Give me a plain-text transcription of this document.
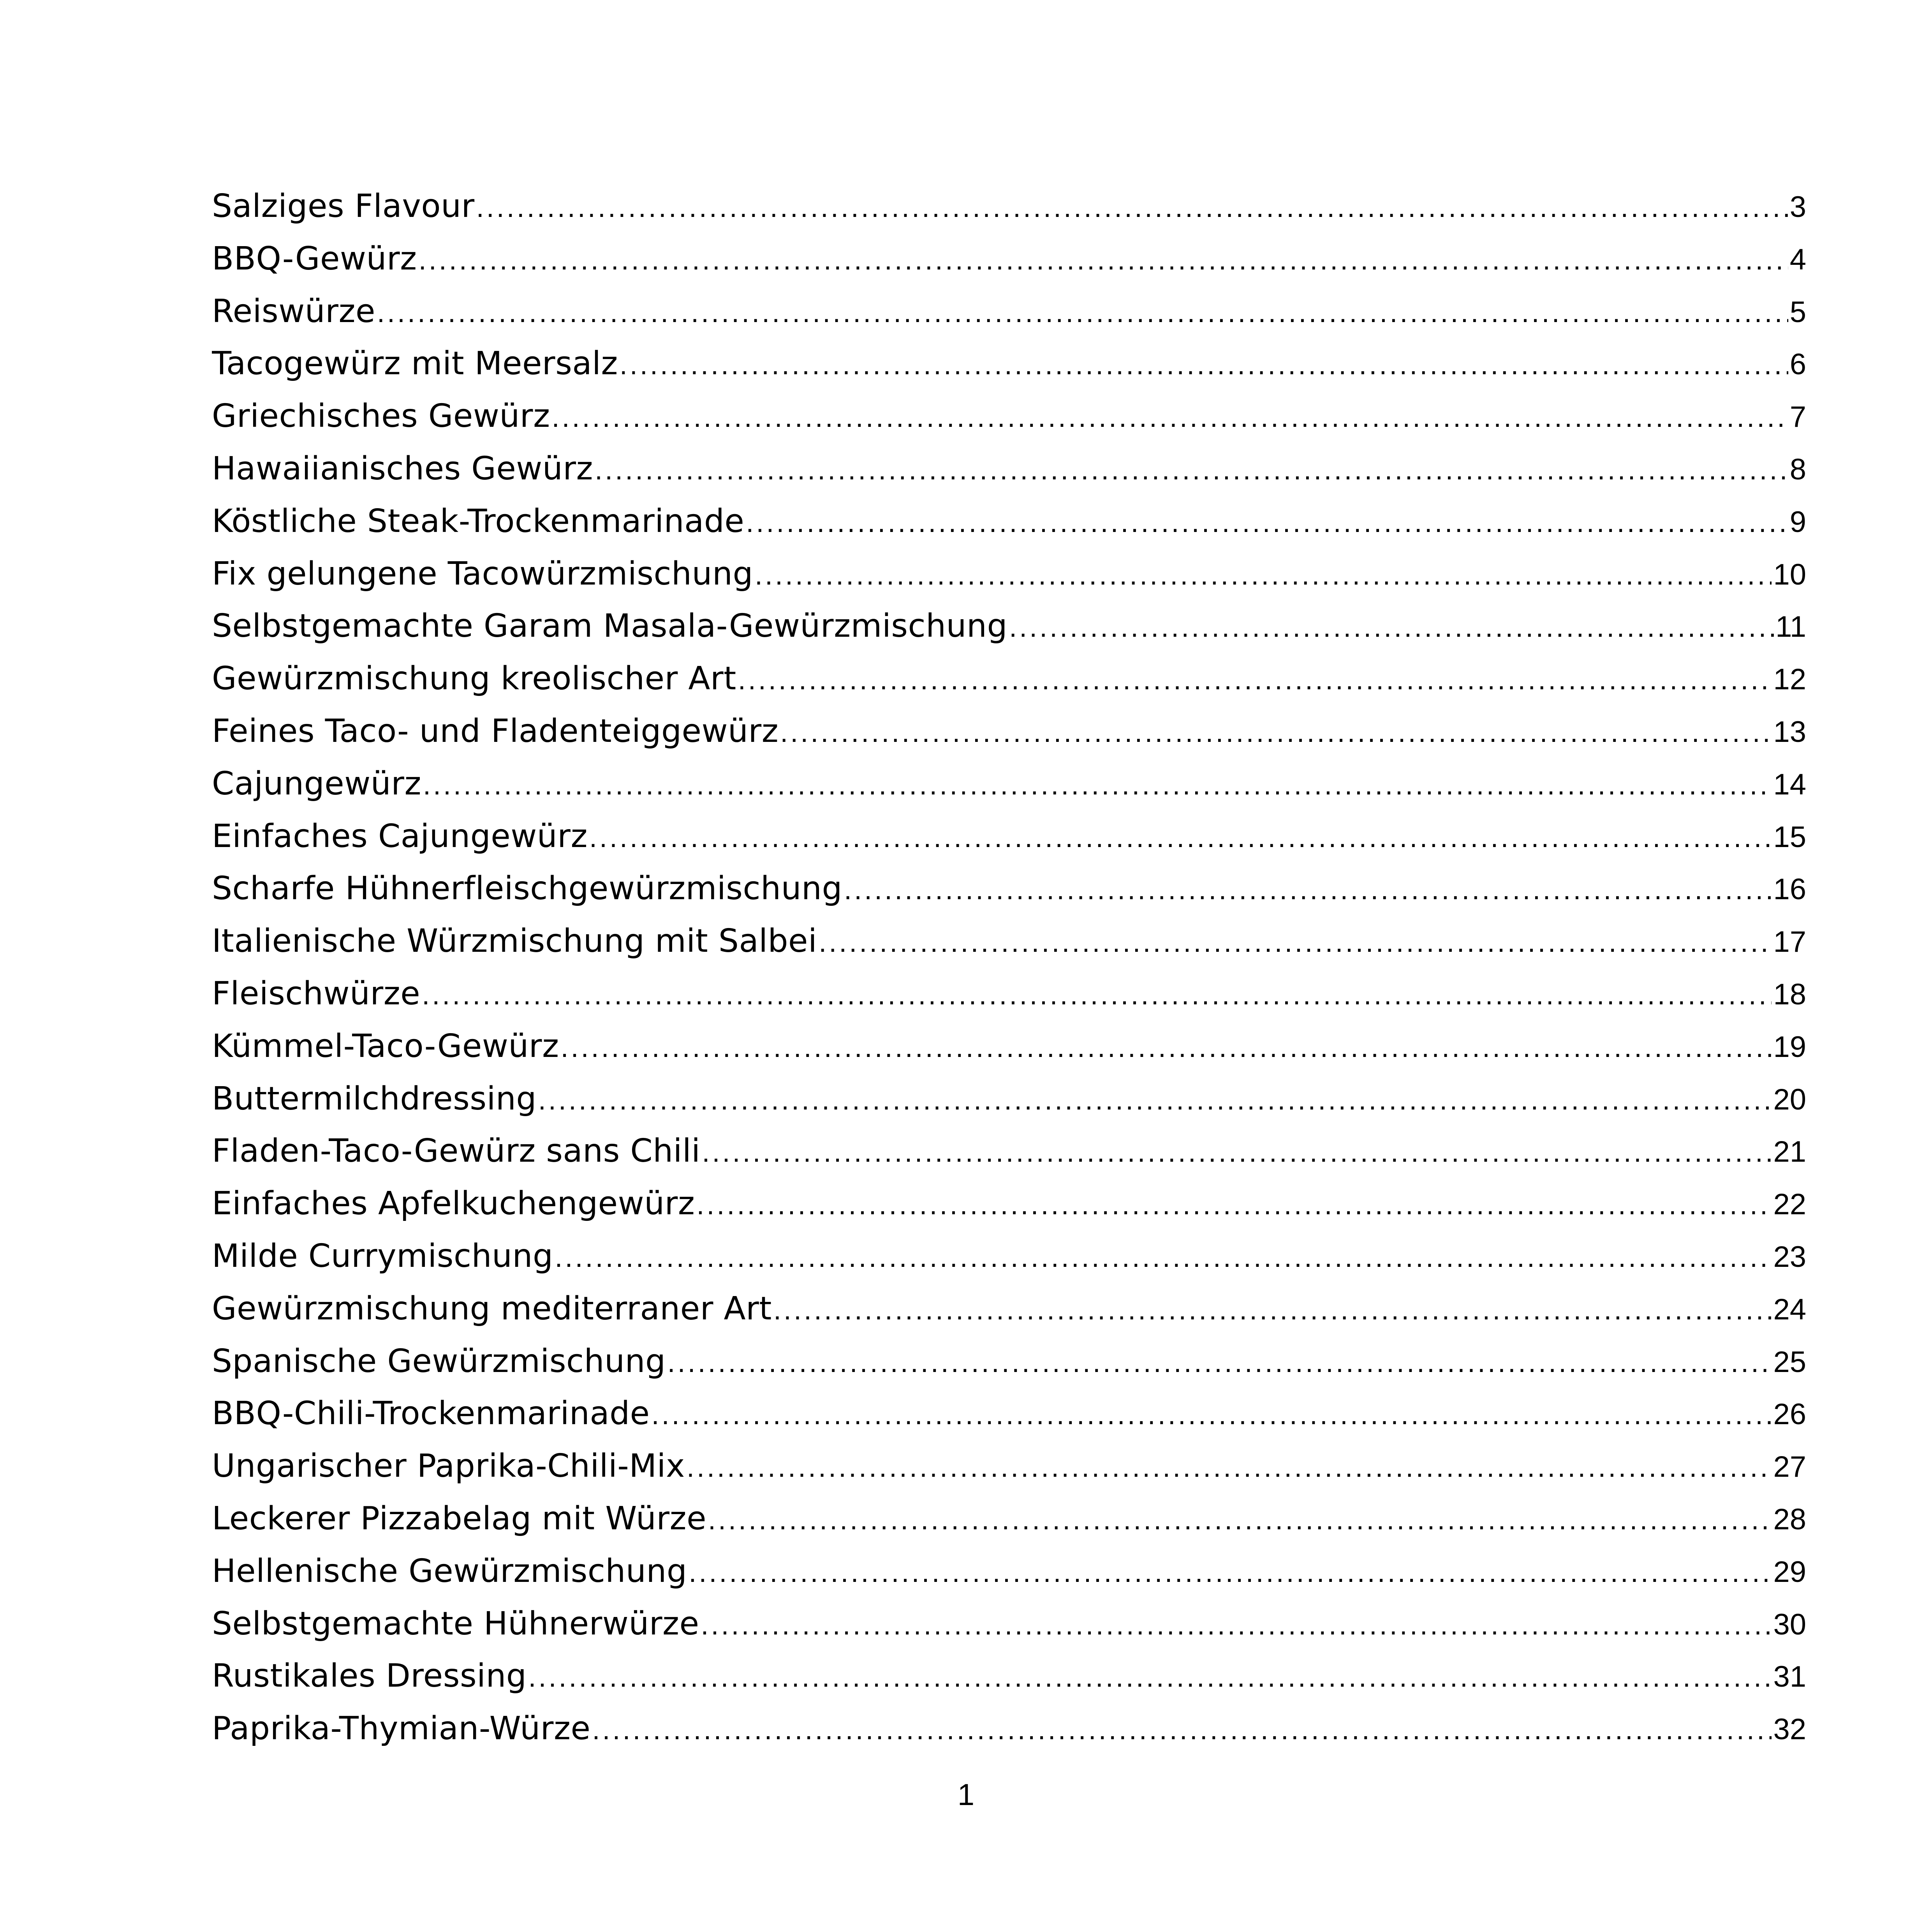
Salziges Flavour .....	3
BBQ-Gewürz .....	4
Reiswürze .....	5
Tacogewürz mit Meersalz .....	6
Griechisches Gewürz .....	7
Hawaiianisches Gewürz .....	8
Köstliche Steak-Trockenmarinade .....	9
Fix gelungene Tacowürzmischung .....	10
Selbstgemachte Garam Masala-Gewürzmischung .....	11
Gewürzmischung kreolischer Art .....	12
Feines Taco- und Fladenteiggewürz .....	13
Cajungewürz .....	14
Einfaches Cajungewürz .....	15
Scharfe Hühnerfleischgewürzmischung .....	16
Italienische Würzmischung mit Salbei .....	17
Fleischwürze .....	18
Kümmel-Taco-Gewürz .....	19
Buttermilchdressing .....	20
Fladen-Taco-Gewürz sans Chili .....	21
Einfaches Apfelkuchengewürz .....	22
Milde Currymischung .....	23
Gewürzmischung mediterraner Art .....	24
Spanische Gewürzmischung .....	25
BBQ-Chili-Trockenmarinade .....	26
Ungarischer Paprika-Chili-Mix .....	27
Leckerer Pizzabelag mit Würze .....	28
Hellenische Gewürzmischung .....	29
Selbstgemachte Hühnerwürze .....	30
Rustikales Dressing .....	31
Paprika-Thymian-Würze .....	32
1
